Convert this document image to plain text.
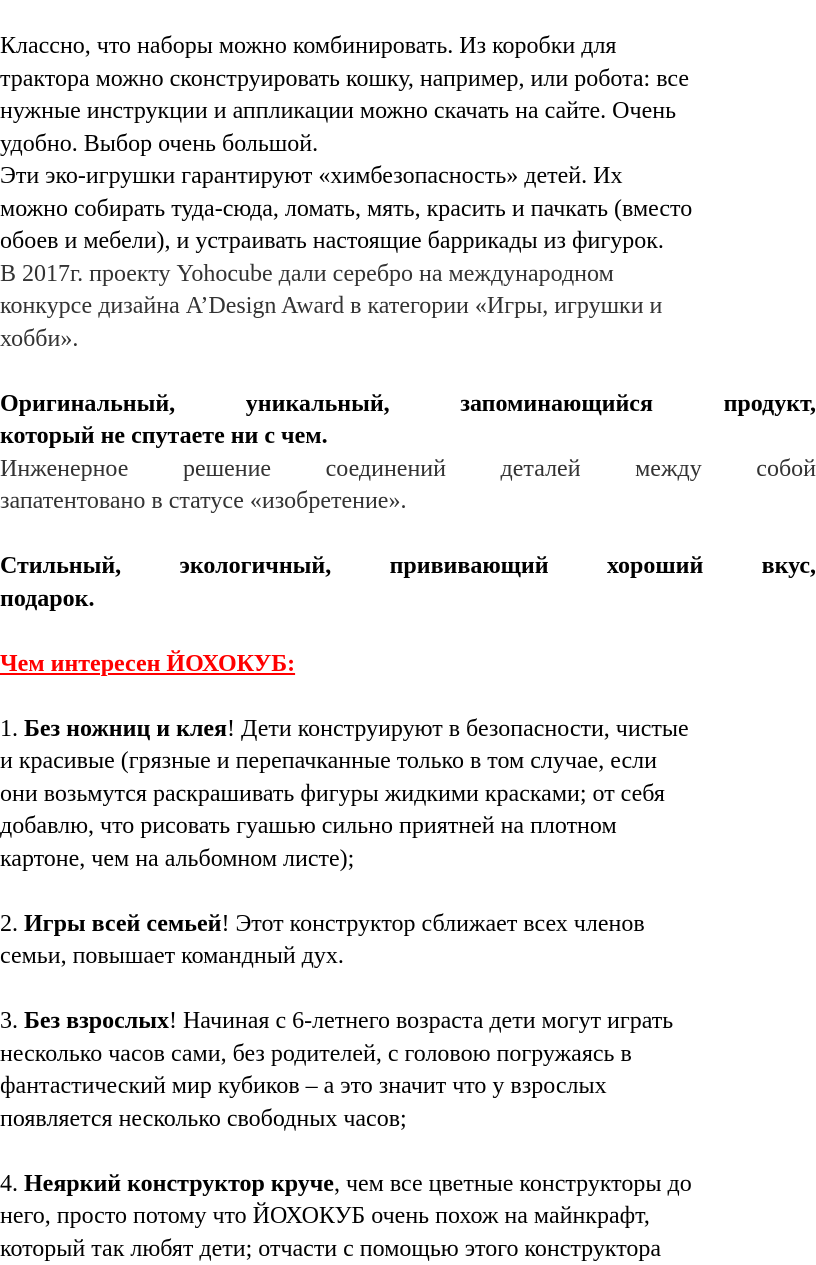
Классно, что наборы можно комбинировать. Из коробки для

трактора можно сконструировать кошку, например, или робота: все

нужные инструкции и аппликации можно скачать на сайте. Очень

удобно. Выбор очень большой.

Эти эко-игрушки гарантируют «химбезопасность» детей. Их

можно собирать туда-сюда, ломать, мять, красить и пачкать (вместо

обоев и мебели), и устраивать настоящие баррикады из фигурок.

В 2017г. проекту Yohocube дали серебро на международном

конкурсе дизайна A’Design Award в категории «Игры, игрушки и

хобби».

Оригинальный, уникальный, запоминающийся продукт,

который не спутаете ни с чем.

Инженерное решение соединений деталей между собой

запатентовано в статусе «изобретение».

Стильный, экологичный, прививающий хороший вкус,

подарок.

Чем интересен ЙОХОКУБ:

1. Без ножниц и клея! Дети конструируют в безопасности, чистые

и красивые (грязные и перепачканные только в том случае, если

они возьмутся раскрашивать фигуры жидкими красками; от себя

добавлю, что рисовать гуашью сильно приятней на плотном

картоне, чем на альбомном листе);

2. Игры всей семьей! Этот конструктор сближает всех членов

семьи, повышает командный дух.

3. Без взрослых! Начиная с 6-летнего возраста дети могут играть

несколько часов сами, без родителей, с головою погружаясь в

фантастический мир кубиков – а это значит что у взрослых

появляется несколько свободных часов;

4. Неяркий конструктор круче, чем все цветные конструкторы до

него, просто потому что ЙОХОКУБ очень похож на майнкрафт,

который так любят дети; отчасти с помощью этого конструктора
